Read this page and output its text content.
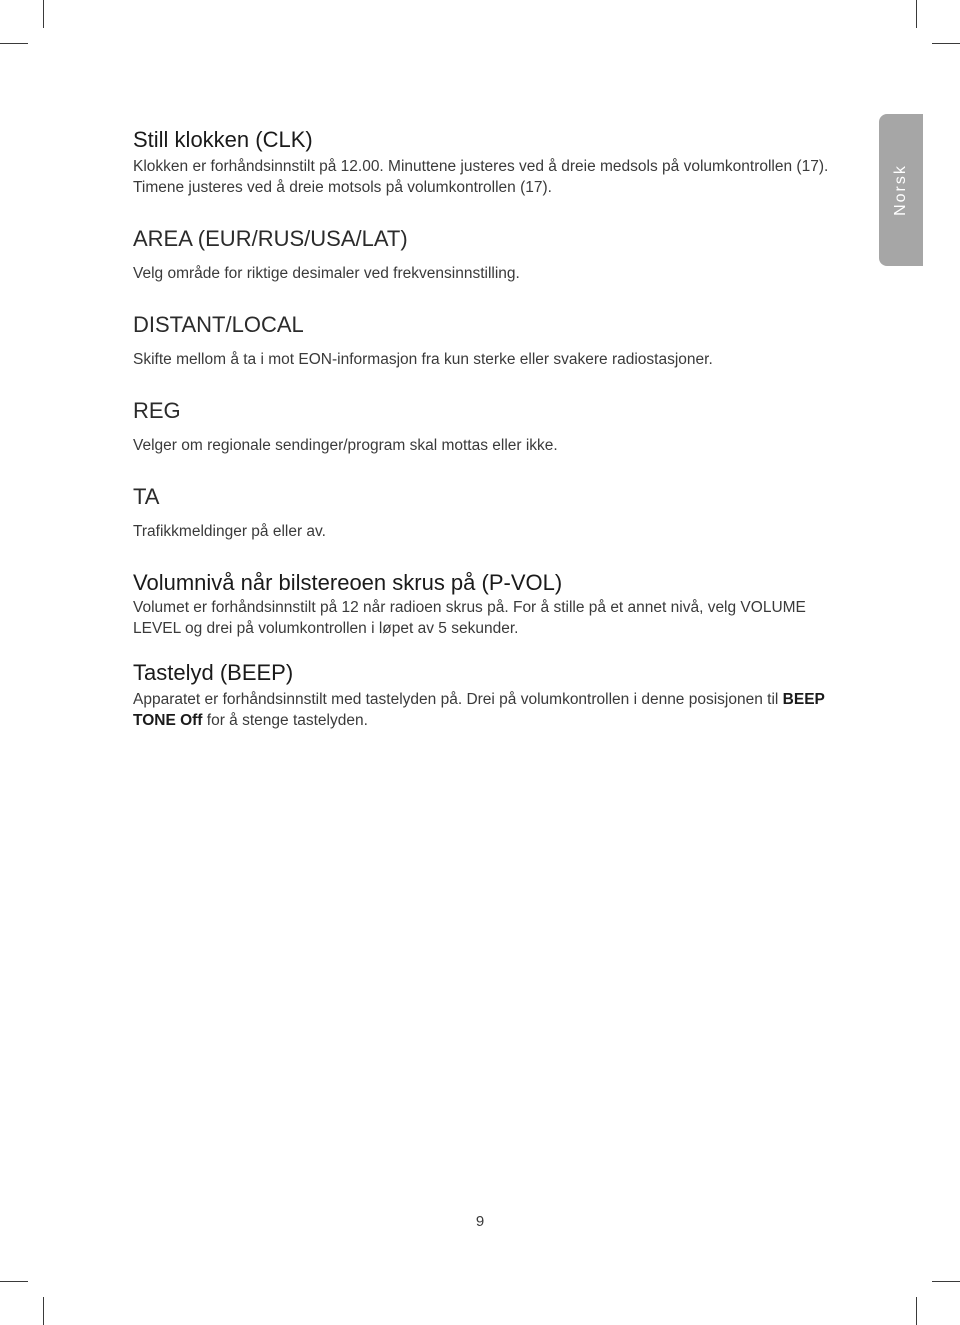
Norsk
Still klokken (CLK)

Klokken er forhåndsinnstilt på 12.00. Minuttene justeres ved å dreie medsols på volumkontrollen (17). Timene justeres ved å dreie motsols på volumkontrollen (17).

AREA (EUR/RUS/USA/LAT)

Velg område for riktige desimaler ved frekvensinnstilling.

DISTANT/LOCAL

Skifte mellom å ta i mot EON-informasjon fra kun sterke eller svakere radiostasjoner.

REG

Velger om regionale sendinger/program skal mottas eller ikke.

TA

Trafikkmeldinger på eller av.

Volumnivå når bilstereoen skrus på (P-VOL)

Volumet er forhåndsinnstilt på 12 når radioen skrus på. For å stille på et annet nivå, velg VOLUME LEVEL og drei på volumkontrollen i løpet av 5 sekunder.

Tastelyd (BEEP)

Apparatet er forhåndsinnstilt med tastelyden på. Drei på volumkontrollen i denne posisjonen til BEEP TONE Off for å stenge tastelyden.

9
